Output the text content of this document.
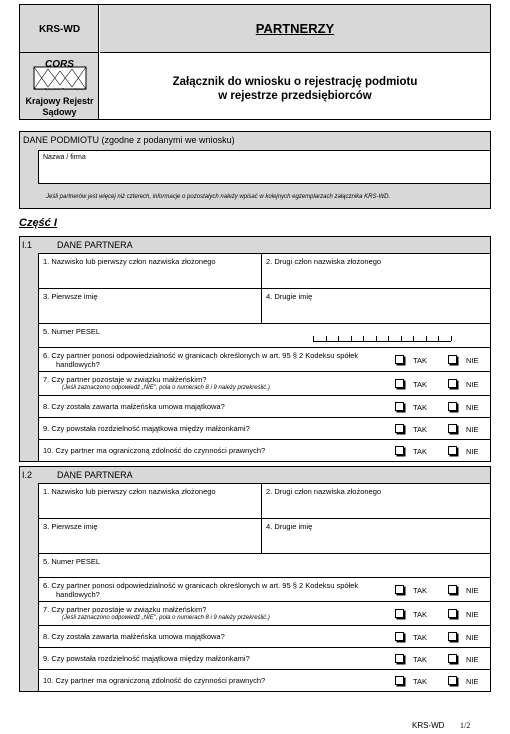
KRS-WD
CORS
Centrum Ogólnopolskich Rejestrów Sądowych
Krajowy Rejestr
Sądowy
PARTNERZY
Załącznik do wniosku o rejestrację podmiotu
w rejestrze przedsiębiorców
DANE PODMIOTU (zgodne z podanymi we wniosku)
Nazwa / firma
Jeśli partnerów jest więcej niż czterech, informacje o pozostałych należy wpisać w kolejnych egzemplarzach załącznika KRS-WD.
Część I
I.1	DANE PARTNERA
1. Nazwisko lub pierwszy człon nazwiska złożonego	2. Drugi człon nazwiska złożonego
3. Pierwsze imię	4. Drugie imię
5. Numer PESEL
6. Czy partner ponosi odpowiedzialność w granicach określonych w art. 95 § 2 Kodeksu spółek
handlowych?	TAK	NIE
7. Czy partner pozostaje w związku małżeńskim?
(Jeśli zaznaczono odpowiedź „NIE", pola o numerach 8 i 9 należy przekreślić.)	TAK	NIE
8. Czy została zawarta małżeńska umowa majątkowa?	TAK	NIE
9. Czy powstała rozdzielność majątkowa między małżonkami?	TAK	NIE
10. Czy partner ma ograniczoną zdolność do czynności prawnych?	TAK	NIE
I.2	DANE PARTNERA
1. Nazwisko lub pierwszy człon nazwiska złożonego	2. Drugi człon nazwiska złożonego
3. Pierwsze imię	4. Drugie imię
5. Numer PESEL
6. Czy partner ponosi odpowiedzialność w granicach określonych w art. 95 § 2 Kodeksu spółek
handlowych?	TAK	NIE
7. Czy partner pozostaje w związku małżeńskim?
(Jeśli zaznaczono odpowiedź „NIE", pola o numerach 8 i 9 należy przekreślić.)	TAK	NIE
8. Czy została zawarta małżeńska umowa majątkowa?	TAK	NIE
9. Czy powstała rozdzielność majątkowa między małżonkami?	TAK	NIE
10. Czy partner ma ograniczoną zdolność do czynności prawnych?	TAK	NIE
KRS-WD 1/2
